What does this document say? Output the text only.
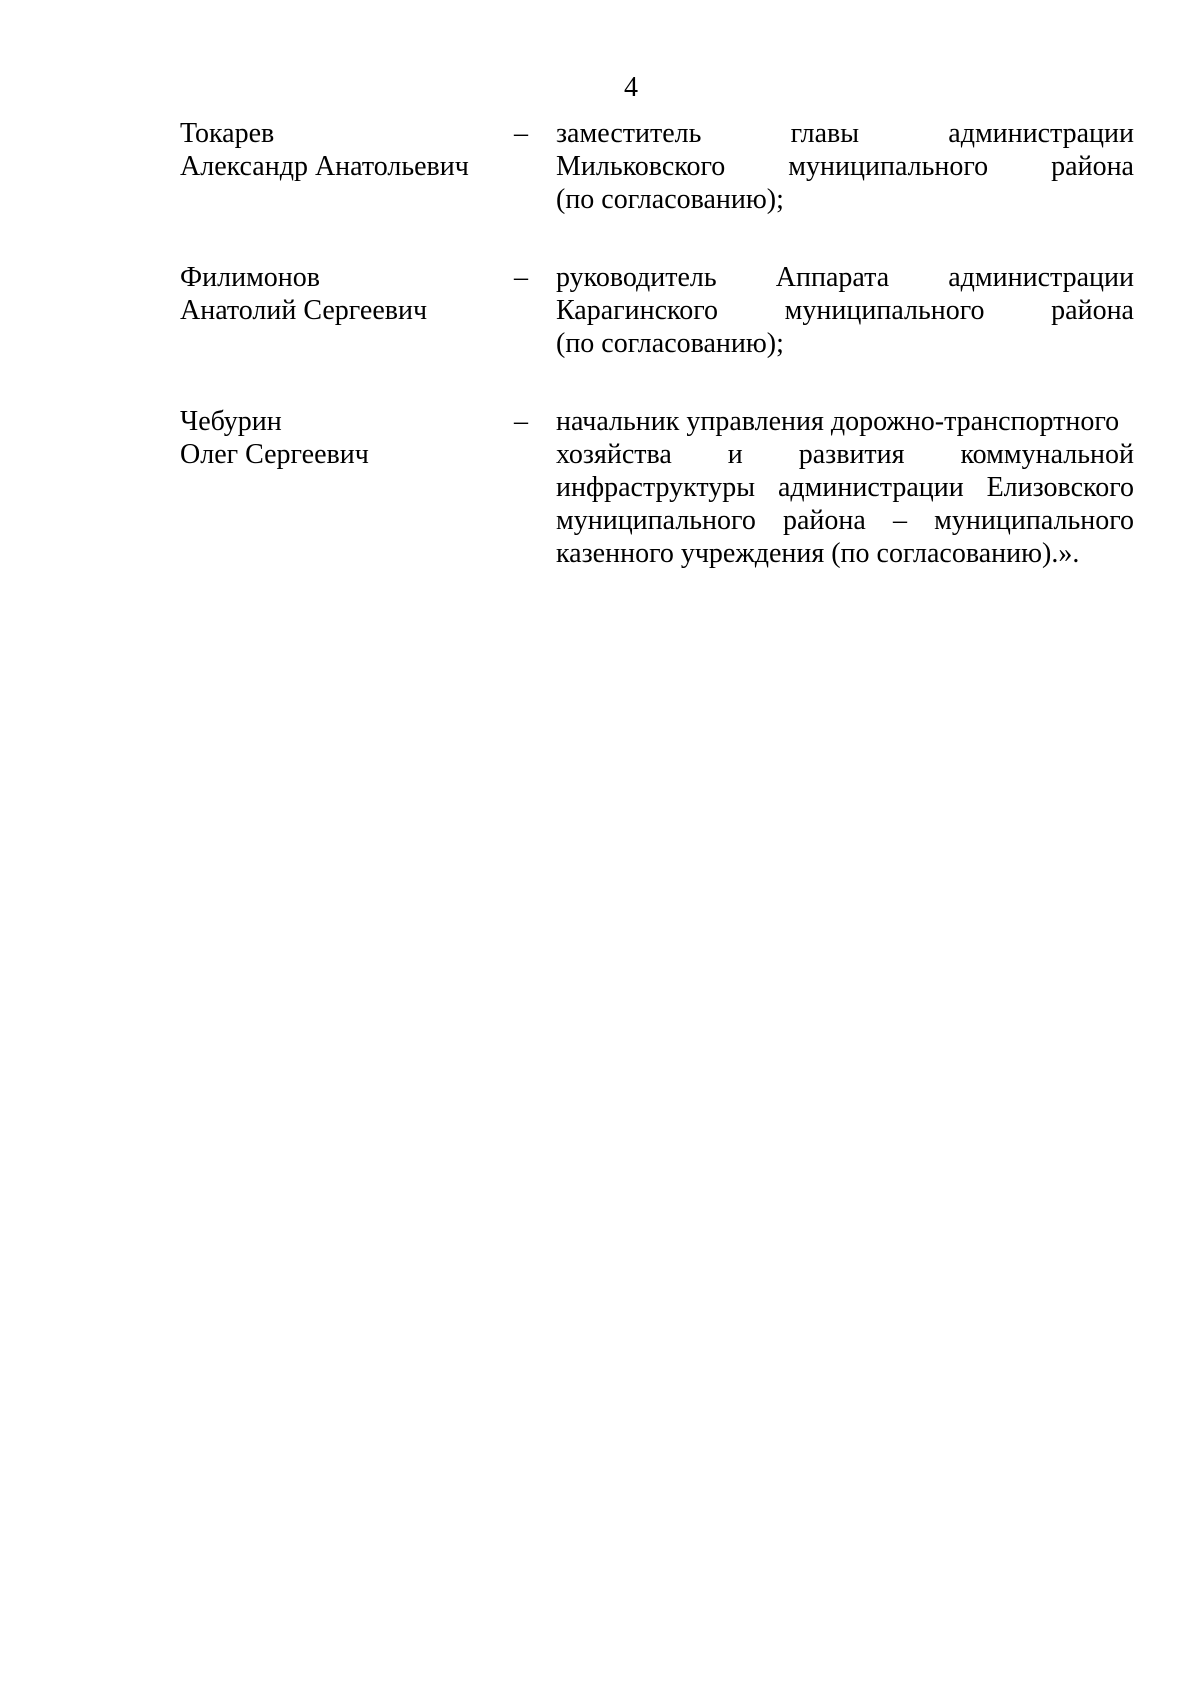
4
Токарев
Александр Анатольевич
– заместитель	главы	администрации
Мильковского муниципального района
(по согласованию);
Филимонов
Анатолий Сергеевич
– руководитель Аппарата администрации
Карагинского муниципального района
(по согласованию);
Чебурин
Олег Сергеевич
– начальник управления дорожно-транспортного
хозяйства и развития коммунальной
инфраструктуры администрации Елизовского
муниципального района – муниципального
казенного учреждения (по согласованию).».
